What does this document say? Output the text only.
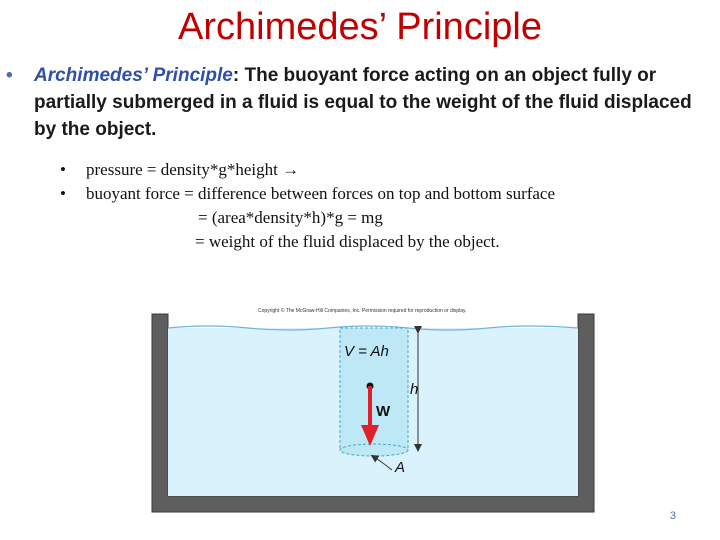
Archimedes’ Principle
• Archimedes’ Principle: The buoyant force acting on an object fully or partially submerged in a fluid is equal to the weight of the fluid displaced by the object.
• pressure = density*g*height →
• buoyant force = difference between forces on top and bottom surface
= (area*density*h)*g = mg
= weight of the fluid displaced by the object.
Copyright © The McGraw-Hill Companies, Inc. Permission required for reproduction or display.
V = Ah
W
h
A
3
